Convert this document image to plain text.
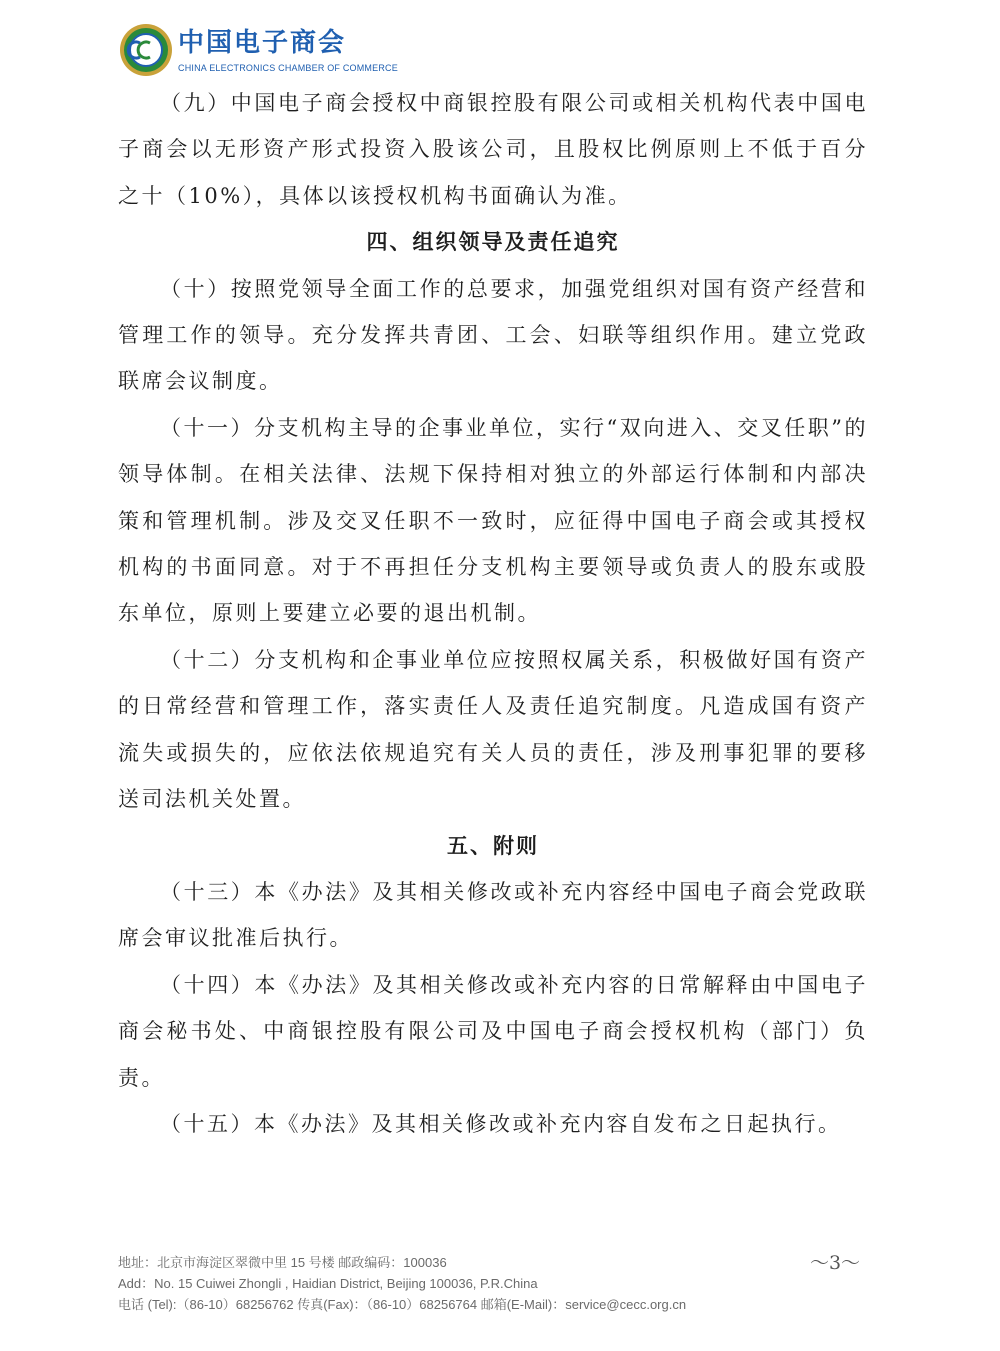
中国电子商会
CHINA ELECTRONICS CHAMBER OF COMMERCE

（九）中国电子商会授权中商银控股有限公司或相关机构代表中国电子商会以无形资产形式投资入股该公司，且股权比例原则上不低于百分之十（10%），具体以该授权机构书面确认为准。

四、组织领导及责任追究

（十）按照党领导全面工作的总要求，加强党组织对国有资产经营和管理工作的领导。充分发挥共青团、工会、妇联等组织作用。建立党政联席会议制度。

（十一）分支机构主导的企事业单位，实行“双向进入、交叉任职”的领导体制。在相关法律、法规下保持相对独立的外部运行体制和内部决策和管理机制。涉及交叉任职不一致时，应征得中国电子商会或其授权机构的书面同意。对于不再担任分支机构主要领导或负责人的股东或股东单位，原则上要建立必要的退出机制。

（十二）分支机构和企事业单位应按照权属关系，积极做好国有资产的日常经营和管理工作，落实责任人及责任追究制度。凡造成国有资产流失或损失的，应依法依规追究有关人员的责任，涉及刑事犯罪的要移送司法机关处置。

五、附则

（十三）本《办法》及其相关修改或补充内容经中国电子商会党政联席会审议批准后执行。

（十四）本《办法》及其相关修改或补充内容的日常解释由中国电子商会秘书处、中商银控股有限公司及中国电子商会授权机构（部门）负责。

（十五）本《办法》及其相关修改或补充内容自发布之日起执行。

地址：北京市海淀区翠微中里 15 号楼 邮政编码：100036
Add：No. 15 Cuiwei Zhongli , Haidian District, Beijing 100036, P.R.China
电话 (Tel):（86-10）68256762 传真(Fax)：（86-10）68256764 邮箱(E-Mail)：service@cecc.org.cn
～3～
